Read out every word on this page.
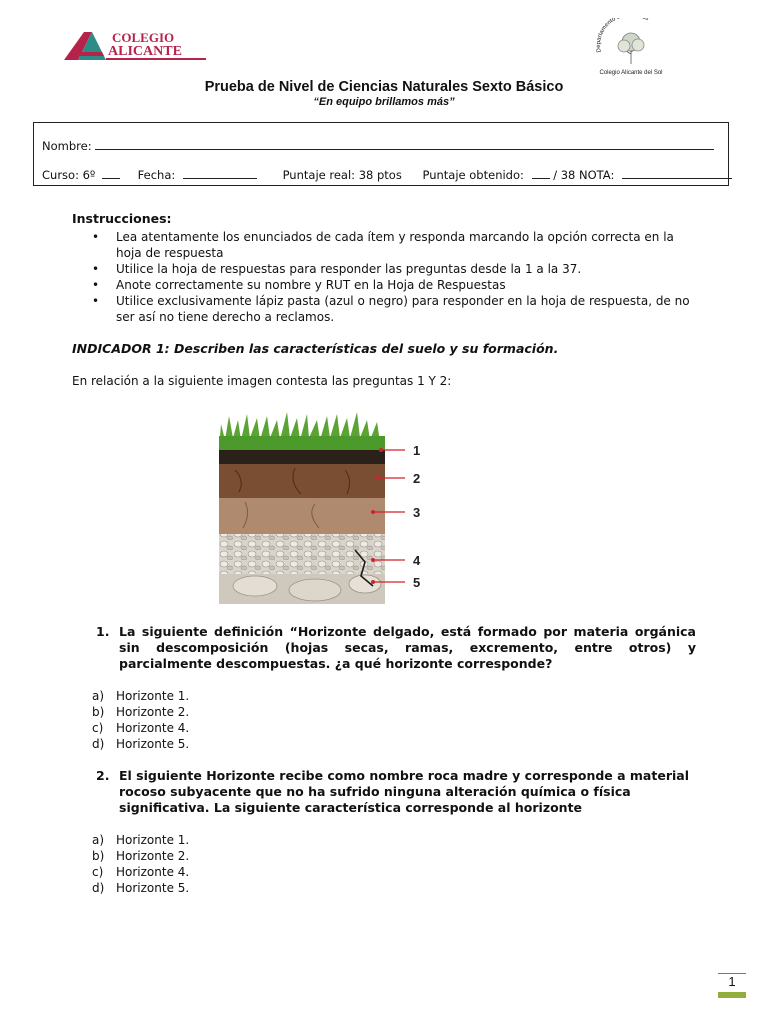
COLEGIO
ALICANTE	Departamento s
Colegio Alicante del Sol
Prueba de Nivel de Ciencias Naturales Sexto Básico
“En equipo brillamos más”
Nombre:
Curso: 6º	Fecha:	Puntaje real: 38 ptos Puntaje obtenido:	/ 38 NOTA:
Instrucciones:
• Lea atentamente los enunciados de cada ítem y responda marcando la opción correcta en la hoja de respuesta
• Utilice la hoja de respuestas para responder las preguntas desde la 1 a la 37.
• Anote correctamente su nombre y RUT en la Hoja de Respuestas
• Utilice exclusivamente lápiz pasta (azul o negro) para responder en la hoja de respuesta, de no ser así no tiene derecho a reclamos.
INDICADOR 1: Describen las características del suelo y su formación.
En relación a la siguiente imagen contesta las preguntas 1 Y 2:
1
2
3
4
5
1. La siguiente definición “Horizonte delgado, está formado por materia orgánica sin descomposición (hojas secas, ramas, excremento, entre otros) y parcialmente descompuestas. ¿a qué horizonte corresponde?
a) Horizonte 1.
b) Horizonte 2.
c)	Horizonte 4.
d) Horizonte 5.
2. El siguiente Horizonte recibe como nombre roca madre y corresponde a material rocoso subyacente que no ha sufrido ninguna alteración química o física significativa. La siguiente característica corresponde al horizonte
a) Horizonte 1.
b) Horizonte 2.
c)	Horizonte 4.
d) Horizonte 5.
1
